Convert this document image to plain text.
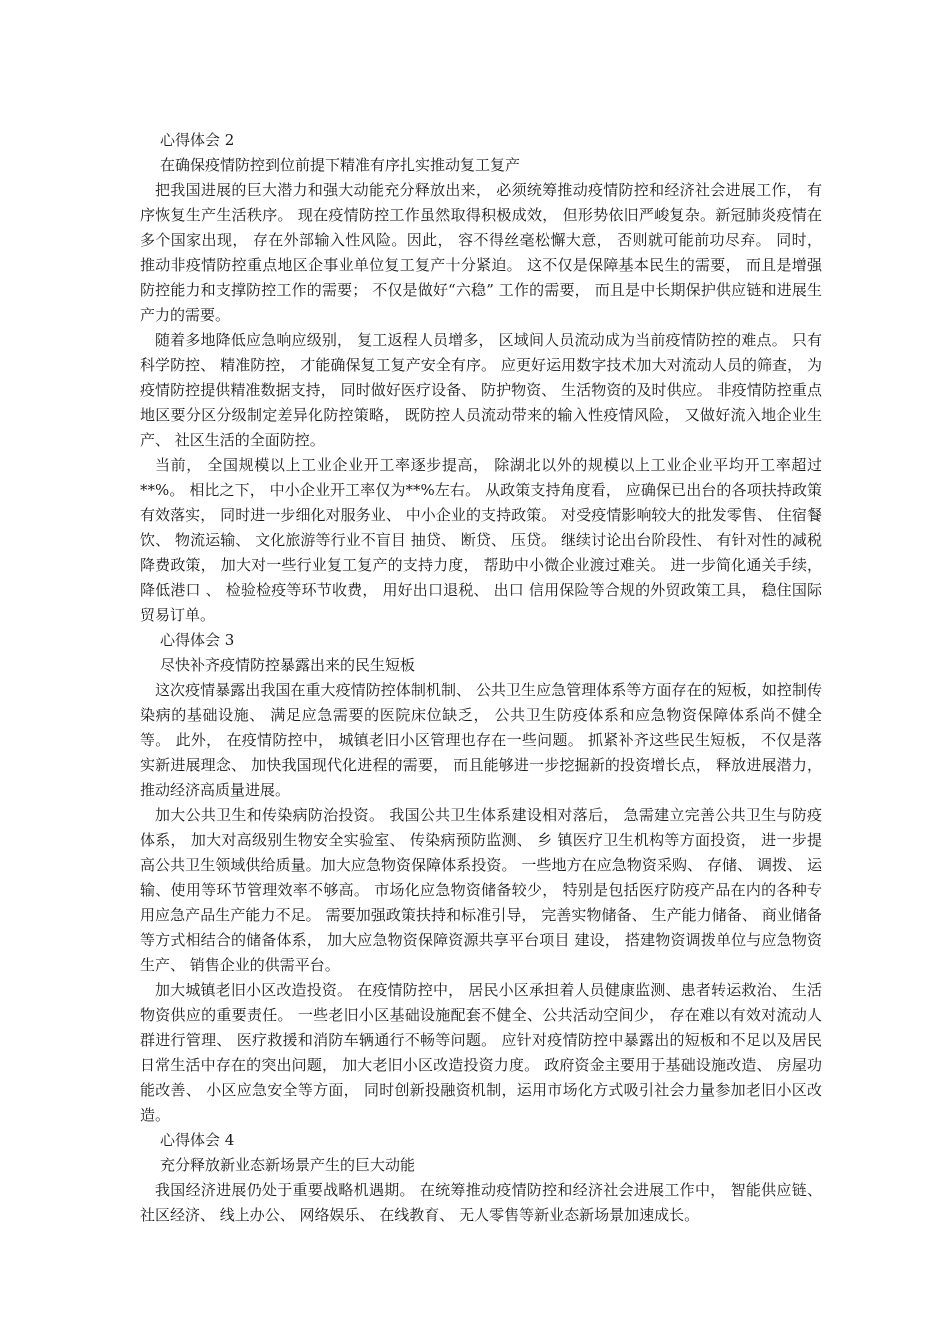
心得体会 2

在确保疫情防控到位前提下精准有序扎实推动复工复产

把我国进展的巨大潜力和强大动能充分释放出来， 必须统筹推动疫情防控和经济社会进展工作， 有序恢复生产生活秩序。 现在疫情防控工作虽然取得积极成效， 但形势依旧严峻复杂。新冠肺炎疫情在多个国家出现， 存在外部输入性风险。因此， 容不得丝毫松懈大意， 否则就可能前功尽弃。 同时， 推动非疫情防控重点地区企事业单位复工复产十分紧迫。 这不仅是保障基本民生的需要， 而且是增强防控能力和支撑防控工作的需要； 不仅是做好“六稳” 工作的需要， 而且是中长期保护供应链和进展生产力的需要。

随着多地降低应急响应级别， 复工返程人员增多， 区域间人员流动成为当前疫情防控的难点。 只有科学防控、 精准防控， 才能确保复工复产安全有序。 应更好运用数字技术加大对流动人员的筛查， 为疫情防控提供精准数据支持， 同时做好医疗设备、 防护物资、 生活物资的及时供应。 非疫情防控重点地区要分区分级制定差异化防控策略， 既防控人员流动带来的输入性疫情风险， 又做好流入地企业生产、 社区生活的全面防控。

当前， 全国规模以上工业企业开工率逐步提高， 除湖北以外的规模以上工业企业平均开工率超过**%。 相比之下， 中小企业开工率仅为**%左右。 从政策支持角度看， 应确保已出台的各项扶持政策有效落实， 同时进一步细化对服务业、 中小企业的支持政策。 对受疫情影响较大的批发零售、 住宿餐饮、 物流运输、 文化旅游等行业不盲目 抽贷、 断贷、 压贷。 继续讨论出台阶段性、 有针对性的减税降费政策， 加大对一些行业复工复产的支持力度， 帮助中小微企业渡过难关。 进一步简化通关手续， 降低港口 、 检验检疫等环节收费， 用好出口退税、 出口 信用保险等合规的外贸政策工具， 稳住国际贸易订单。

心得体会 3

尽快补齐疫情防控暴露出来的民生短板

这次疫情暴露出我国在重大疫情防控体制机制、 公共卫生应急管理体系等方面存在的短板，如控制传染病的基础设施、 满足应急需要的医院床位缺乏， 公共卫生防疫体系和应急物资保障体系尚不健全等。 此外， 在疫情防控中， 城镇老旧小区管理也存在一些问题。 抓紧补齐这些民生短板， 不仅是落实新进展理念、 加快我国现代化进程的需要， 而且能够进一步挖掘新的投资增长点， 释放进展潜力，推动经济高质量进展。

加大公共卫生和传染病防治投资。 我国公共卫生体系建设相对落后， 急需建立完善公共卫生与防疫体系， 加大对高级别生物安全实验室、 传染病预防监测、 乡 镇医疗卫生机构等方面投资， 进一步提高公共卫生领域供给质量。加大应急物资保障体系投资。 一些地方在应急物资采购、 存储、 调拨、 运输、使用等环节管理效率不够高。 市场化应急物资储备较少， 特别是包括医疗防疫产品在内的各种专用应急产品生产能力不足。 需要加强政策扶持和标准引导， 完善实物储备、 生产能力储备、 商业储备等方式相结合的储备体系， 加大应急物资保障资源共享平台项目 建设， 搭建物资调拨单位与应急物资生产、 销售企业的供需平台。

加大城镇老旧小区改造投资。 在疫情防控中， 居民小区承担着人员健康监测、患者转运救治、 生活物资供应的重要责任。 一些老旧小区基础设施配套不健全、公共活动空间少， 存在难以有效对流动人群进行管理、 医疗救援和消防车辆通行不畅等问题。 应针对疫情防控中暴露出的短板和不足以及居民日常生活中存在的突出问题， 加大老旧小区改造投资力度。 政府资金主要用于基础设施改造、 房屋功能改善、 小区应急安全等方面， 同时创新投融资机制，运用市场化方式吸引社会力量参加老旧小区改造。

心得体会 4

充分释放新业态新场景产生的巨大动能

我国经济进展仍处于重要战略机遇期。 在统筹推动疫情防控和经济社会进展工作中， 智能供应链、 社区经济、 线上办公、 网络娱乐、 在线教育、 无人零售等新业态新场景加速成长。
